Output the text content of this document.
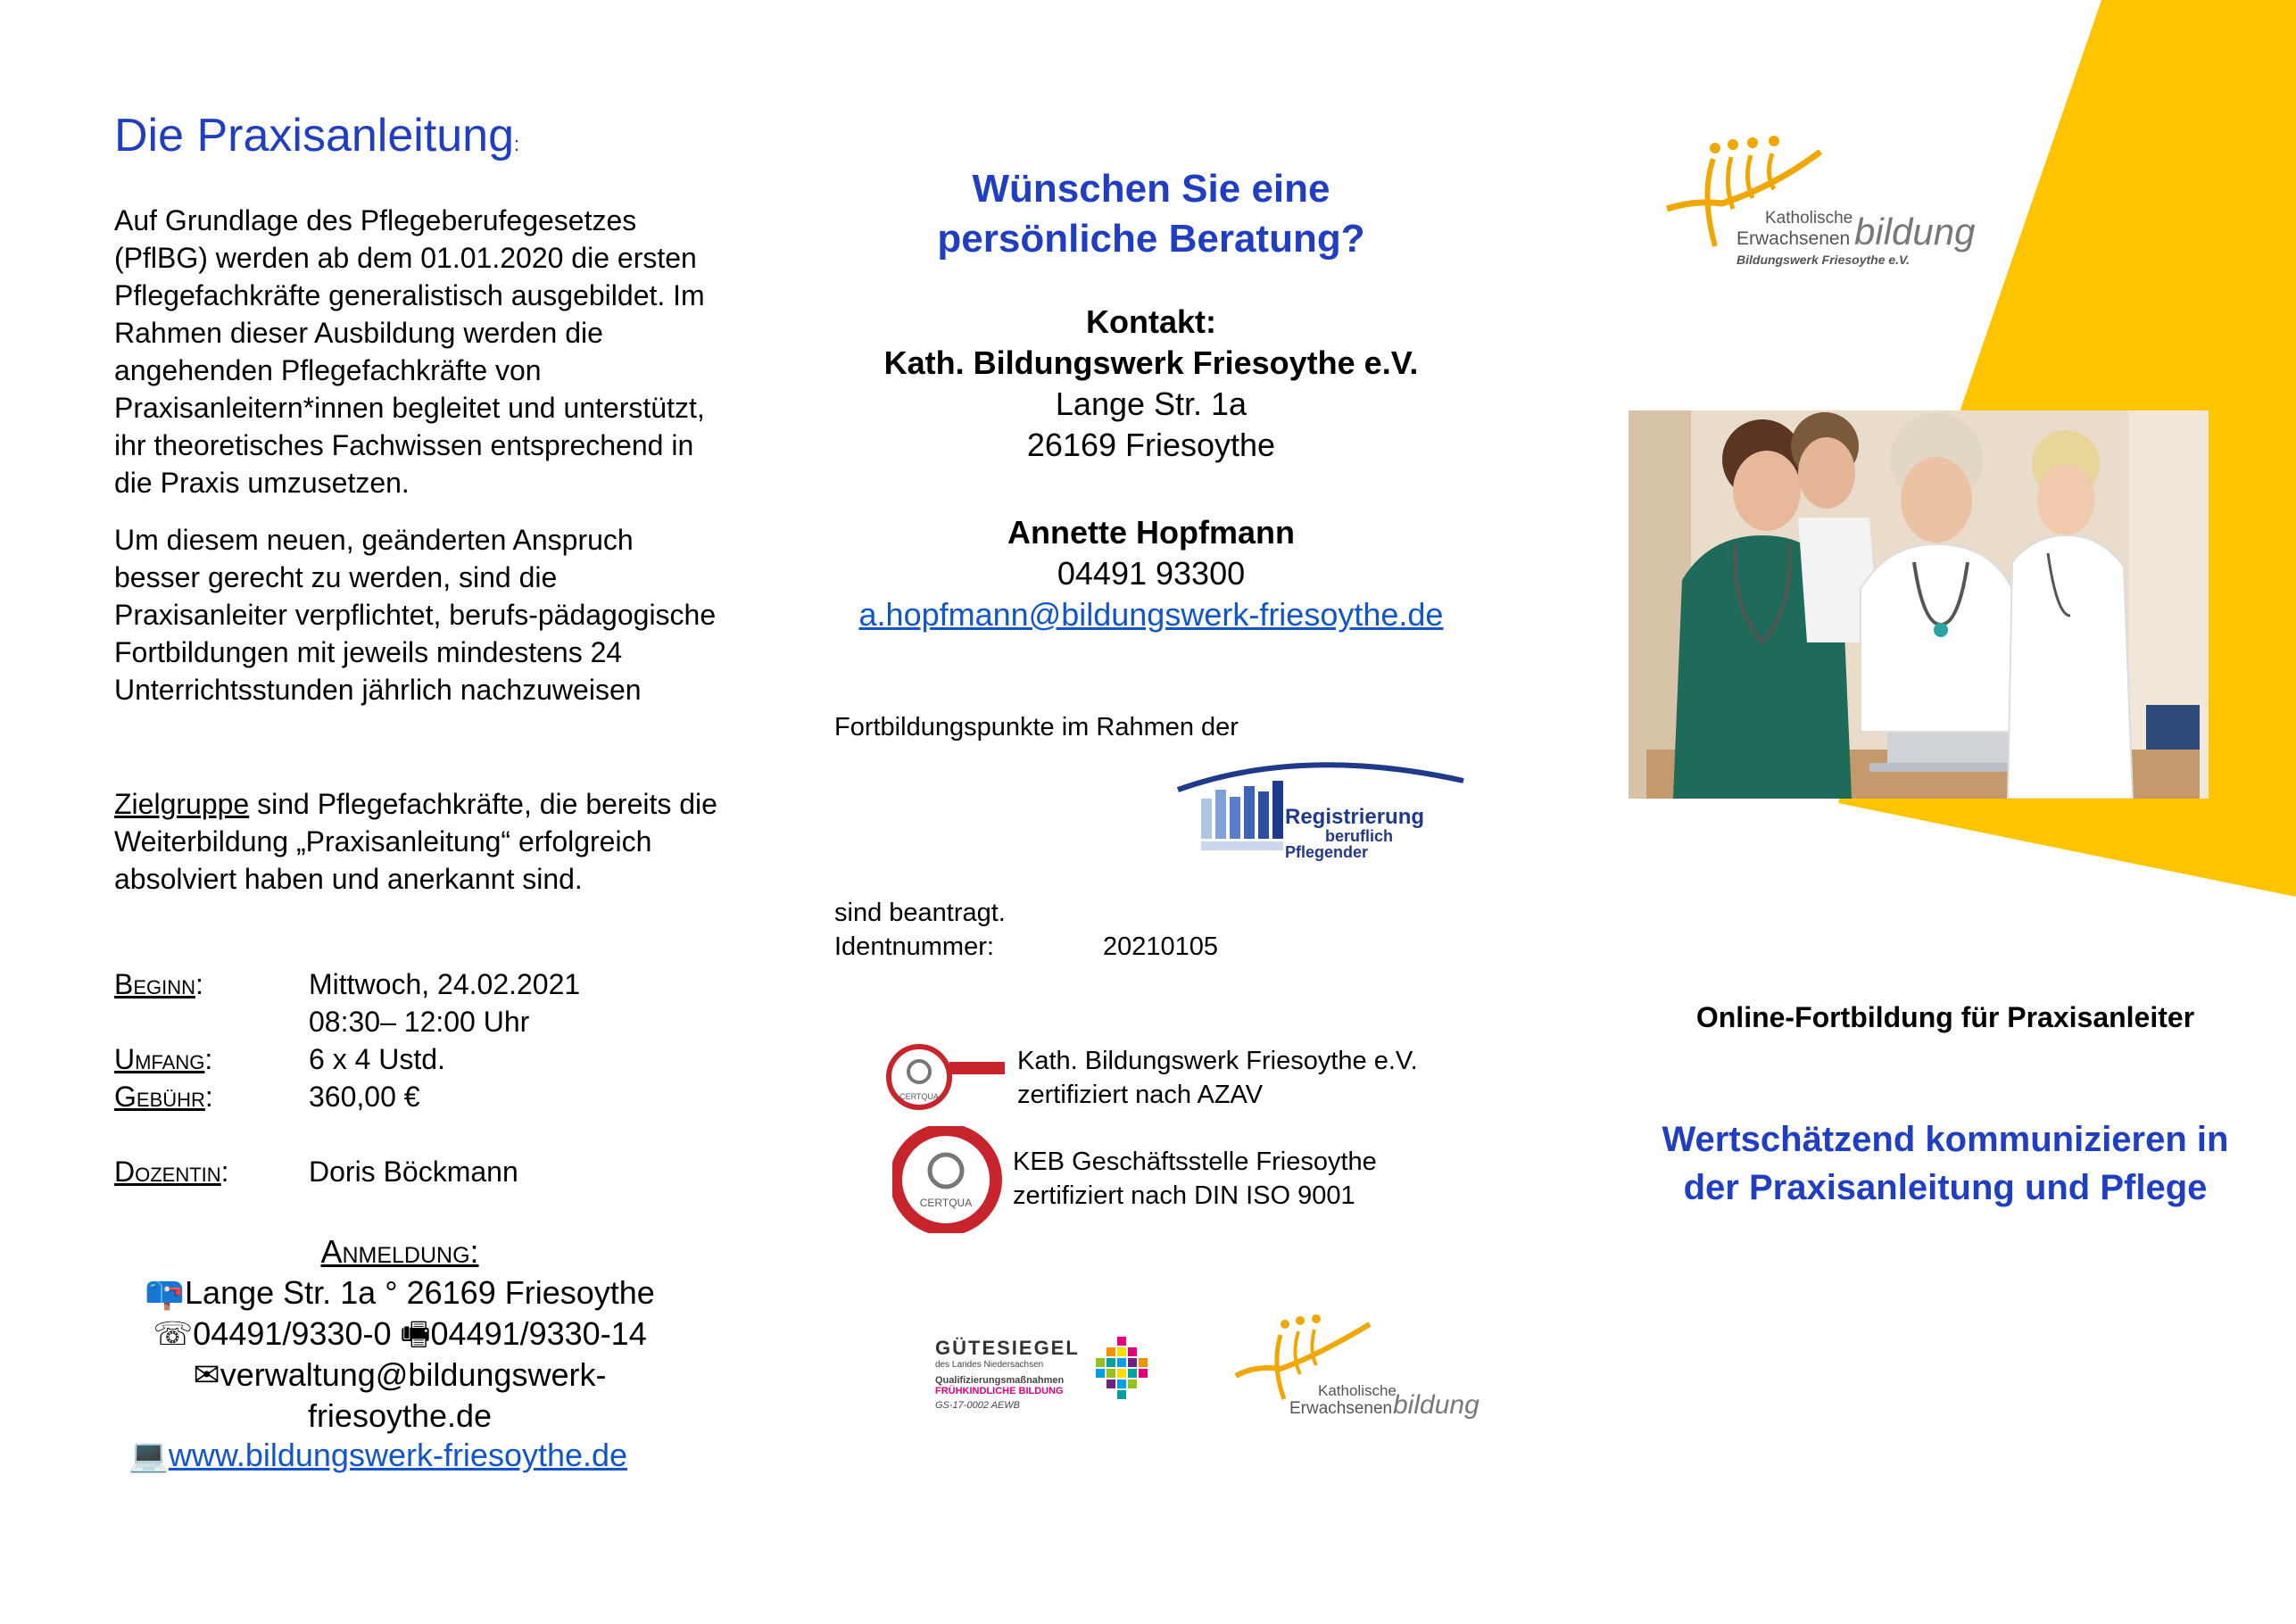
Die Praxisanleitung:
Auf Grundlage des Pflegeberufegesetzes (PflBG) werden ab dem 01.01.2020 die ersten Pflegefachkräfte generalistisch ausgebildet. Im Rahmen dieser Ausbildung werden die angehenden Pflegefachkräfte von Praxisanleitern*innen begleitet und unterstützt, ihr theoretisches Fachwissen entsprechend in die Praxis umzusetzen.
Um diesem neuen, geänderten Anspruch besser gerecht zu werden, sind die Praxisanleiter verpflichtet, berufs-pädagogische Fortbildungen mit jeweils mindestens 24 Unterrichtsstunden jährlich nachzuweisen
Zielgruppe sind Pflegefachkräfte, die bereits die Weiterbildung „Praxisanleitung“ erfolgreich absolviert haben und anerkannt sind.
Beginn:	Mittwoch, 24.02.2021
08:30– 12:00 Uhr
Umfang:	6 x 4 Ustd.
Gebühr:	360,00 €
Dozentin:	Doris Böckmann
Anmeldung:
📪Lange Str. 1a ° 26169 Friesoythe
☏04491/9330-0 🖷04491/9330-14
✉verwaltung@bildungswerk-friesoythe.de
💻www.bildungswerk-friesoythe.de
Wünschen Sie eine persönliche Beratung?
Kontakt:
Kath. Bildungswerk Friesoythe e.V.
Lange Str. 1a
26169 Friesoythe
Annette Hopfmann
04491 93300
a.hopfmann@bildungswerk-friesoythe.de
Fortbildungspunkte im Rahmen der
Registrierung
beruflich
Pflegender
sind beantragt.
Identnummer:	20210105
CERTQUA
Kath. Bildungswerk Friesoythe e.V.
zertifiziert nach AZAV
CERTQUA
KEB Geschäftsstelle Friesoythe
zertifiziert nach DIN ISO 9001
GÜTESIEGEL
des Landes Niedersachsen
Qualifizierungsmaßnahmen
FRÜHKINDLICHE BILDUNG
GS-17-0002 AEWB
Katholische
Erwachsenen bildung
Katholische
Erwachsenen bildung
Bildungswerk Friesoythe e.V.
Online-Fortbildung für Praxisanleiter
Wertschätzend kommunizieren in der Praxisanleitung und Pflege
